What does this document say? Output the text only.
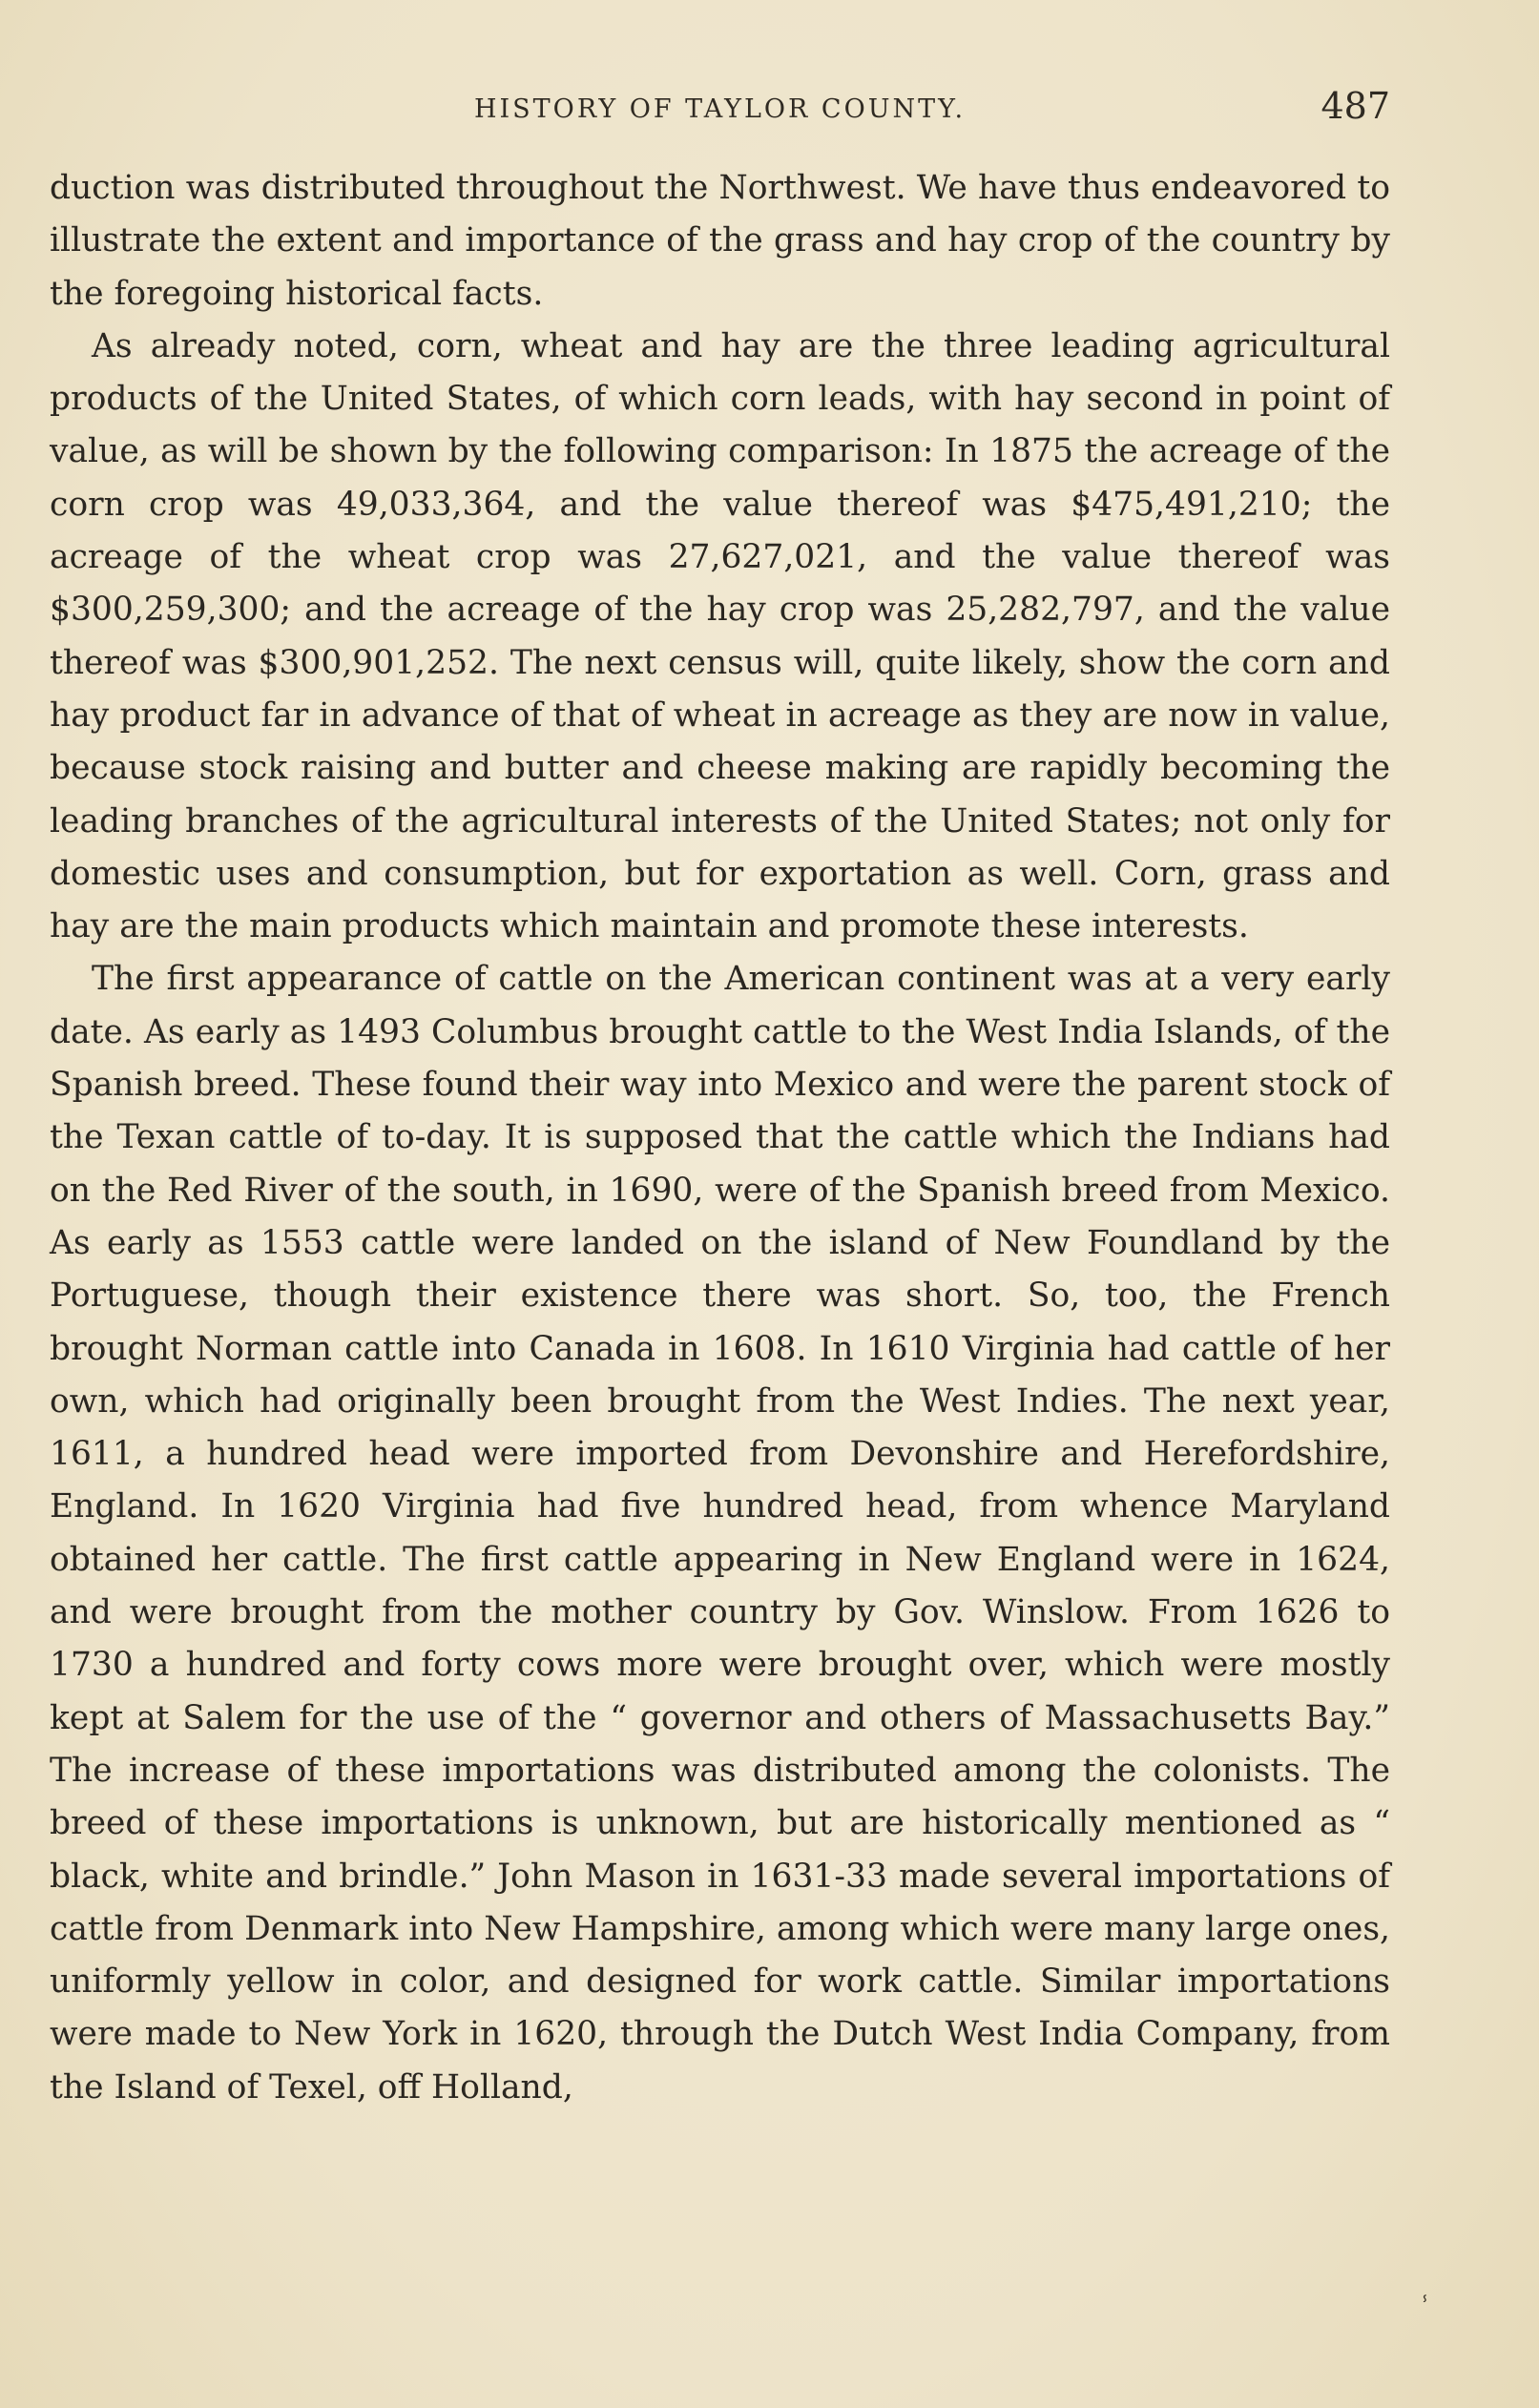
HISTORY OF TAYLOR COUNTY.	487

duction was distributed throughout the Northwest. We have thus endeavored to illustrate the extent and importance of the grass and hay crop of the country by the foregoing historical facts.

As already noted, corn, wheat and hay are the three leading agricultural products of the United States, of which corn leads, with hay second in point of value, as will be shown by the following comparison: In 1875 the acreage of the corn crop was 49,033,364, and the value thereof was $475,491,210; the acreage of the wheat crop was 27,627,021, and the value thereof was $300,259,300; and the acreage of the hay crop was 25,282,797, and the value thereof was $300,901,252. The next census will, quite likely, show the corn and hay product far in advance of that of wheat in acreage as they are now in value, because stock raising and butter and cheese making are rapidly becoming the leading branches of the agricultural interests of the United States; not only for domestic uses and consumption, but for exportation as well. Corn, grass and hay are the main products which maintain and promote these interests.

The first appearance of cattle on the American continent was at a very early date. As early as 1493 Columbus brought cattle to the West India Islands, of the Spanish breed. These found their way into Mexico and were the parent stock of the Texan cattle of to-day. It is supposed that the cattle which the Indians had on the Red River of the south, in 1690, were of the Spanish breed from Mexico. As early as 1553 cattle were landed on the island of New Foundland by the Portuguese, though their existence there was short. So, too, the French brought Norman cattle into Canada in 1608. In 1610 Virginia had cattle of her own, which had originally been brought from the West Indies. The next year, 1611, a hundred head were imported from Devonshire and Herefordshire, England. In 1620 Virginia had five hundred head, from whence Maryland obtained her cattle. The first cattle appearing in New England were in 1624, and were brought from the mother country by Gov. Winslow. From 1626 to 1730 a hundred and forty cows more were brought over, which were mostly kept at Salem for the use of the “ governor and others of Massachusetts Bay.” The increase of these importations was distributed among the colonists. The breed of these importations is unknown, but are historically mentioned as “ black, white and brindle.” John Mason in 1631-33 made several importations of cattle from Denmark into New Hampshire, among which were many large ones, uniformly yellow in color, and designed for work cattle. Similar importations were made to New York in 1620, through the Dutch West India Company, from the Island of Texel, off Holland,

ⸯ
